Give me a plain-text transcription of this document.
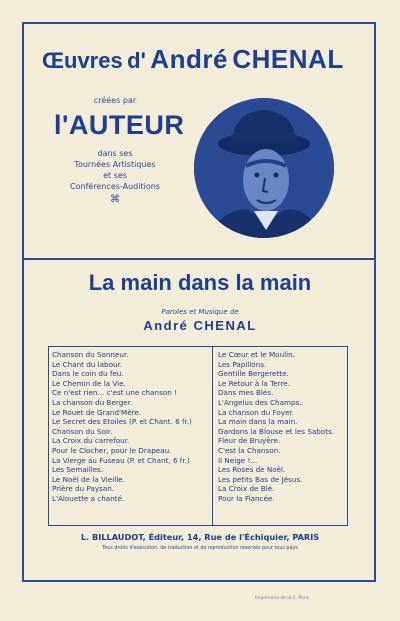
Œuvres d' André CHENAL
créées par
l'AUTEUR
dans ses
Tournées Artistiques
et ses
Conférences-Auditions
⌘
La main dans la main
Paroles et Musique de
André CHENAL
Chanson du Sonneur.
Le Chant du labour.
Dans le coin du feu.
Le Chemin de la Vie.
Ce n'est rien... c'est une chanson !
La chanson du Berger.
Le Rouet de Grand'Mère.
Le Secret des Etoiles (P. et Chant. 6 fr.)
Chanson du Soir.
La Croix du carrefour.
Pour le Clocher, pour le Drapeau.
La Vierge au Fuseau (P. et Chant, 6 fr.)
Les Semailles.
Le Noël de la Vieille.
Prière du Paysan.
L'Alouette a chanté.
Le Cœur et le Moulin.
Les Papillons.
Gentille Bergerette.
Le Retour à la Terre.
Dans mes Blés.
L'Angelus des Champs.
La chanson du Foyer.
La main dans la main.
Gardons la Blouse et les Sabots.
Fleur de Bruyère.
C'est la Chanson.
Il Neige !...
Les Roses de Noël.
Les petits Bas de Jésus.
La Croix de Blé.
Pour la Fiancée.
L. BILLAUDOT, Éditeur, 14, Rue de l'Échiquier, PARIS
Tous droits d'exécution, de traduction et de reproduction réservés pour tous pays
Imprimerie de la C. Paris
